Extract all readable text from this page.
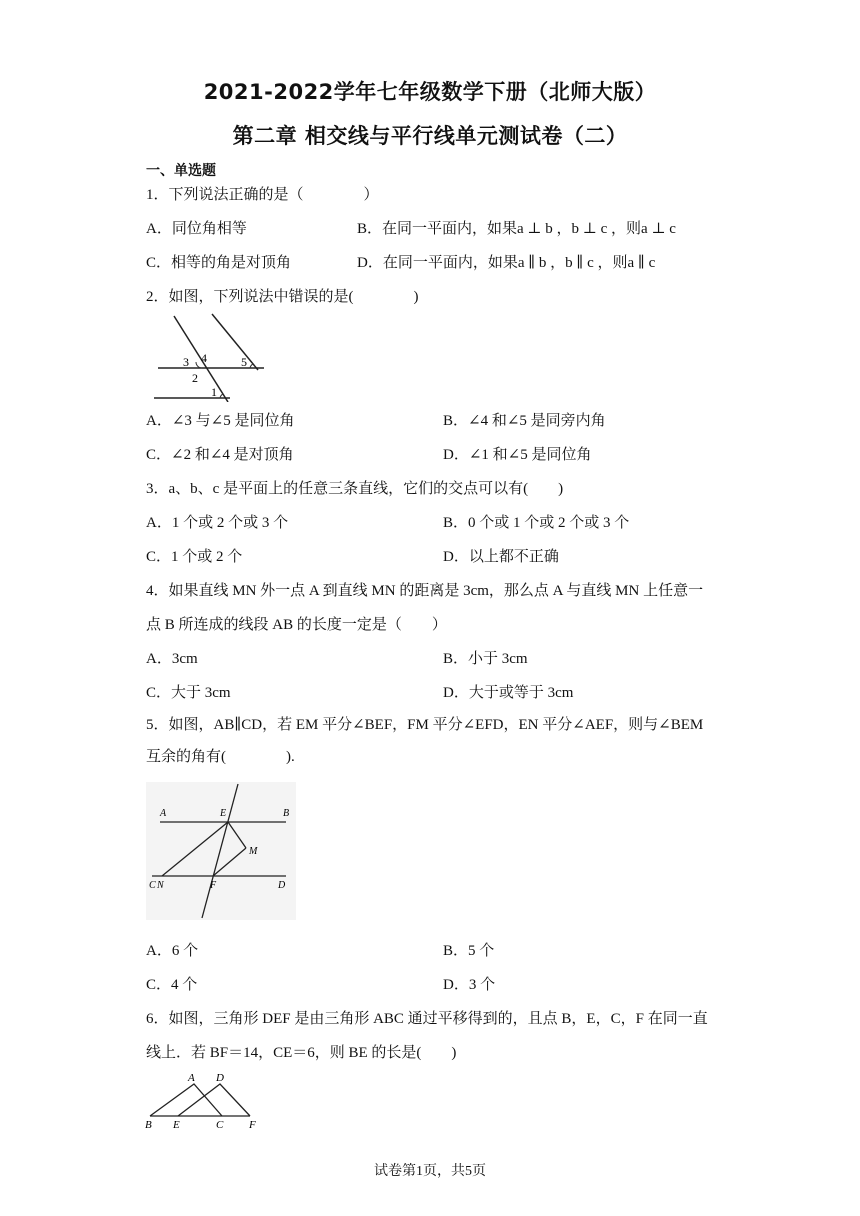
2021-2022学年七年级数学下册（北师大版）
第二章 相交线与平行线单元测试卷（二）
一、单选题
1．下列说法正确的是（　　　　）
A．同位角相等	B．在同一平面内，如果a ⊥ b ，b ⊥ c ，则a ⊥ c
C．相等的角是对顶角	D．在同一平面内，如果a ∥ b ，b ∥ c ，则a ∥ c
2．如图，下列说法中错误的是(　　　　)
3 4
2
5
1
A．∠3 与∠5 是同位角	B．∠4 和∠5 是同旁内角
C．∠2 和∠4 是对顶角	D．∠1 和∠5 是同位角
3．a、b、c 是平面上的任意三条直线，它们的交点可以有(　　)
A．1 个或 2 个或 3 个	B．0 个或 1 个或 2 个或 3 个
C．1 个或 2 个	D．以上都不正确
4．如果直线 MN 外一点 A 到直线 MN 的距离是 3cm，那么点 A 与直线 MN 上任意一
点 B 所连成的线段 AB 的长度一定是（　　）
A．3cm	B．小于 3cm
C．大于 3cm	D．大于或等于 3cm
5．如图，AB∥CD，若 EM 平分∠BEF，FM 平分∠EFD，EN 平分∠AEF，则与∠BEM
互余的角有(　　　　).
A	E	B
M
C N	F	D
A．6 个	B．5 个
C．4 个	D．3 个
6．如图，三角形 DEF 是由三角形 ABC 通过平移得到的，且点 B，E，C，F 在同一直
线上．若 BF＝14，CE＝6，则 BE 的长是(　　)
A D
B E	C F
试卷第1页，共5页
